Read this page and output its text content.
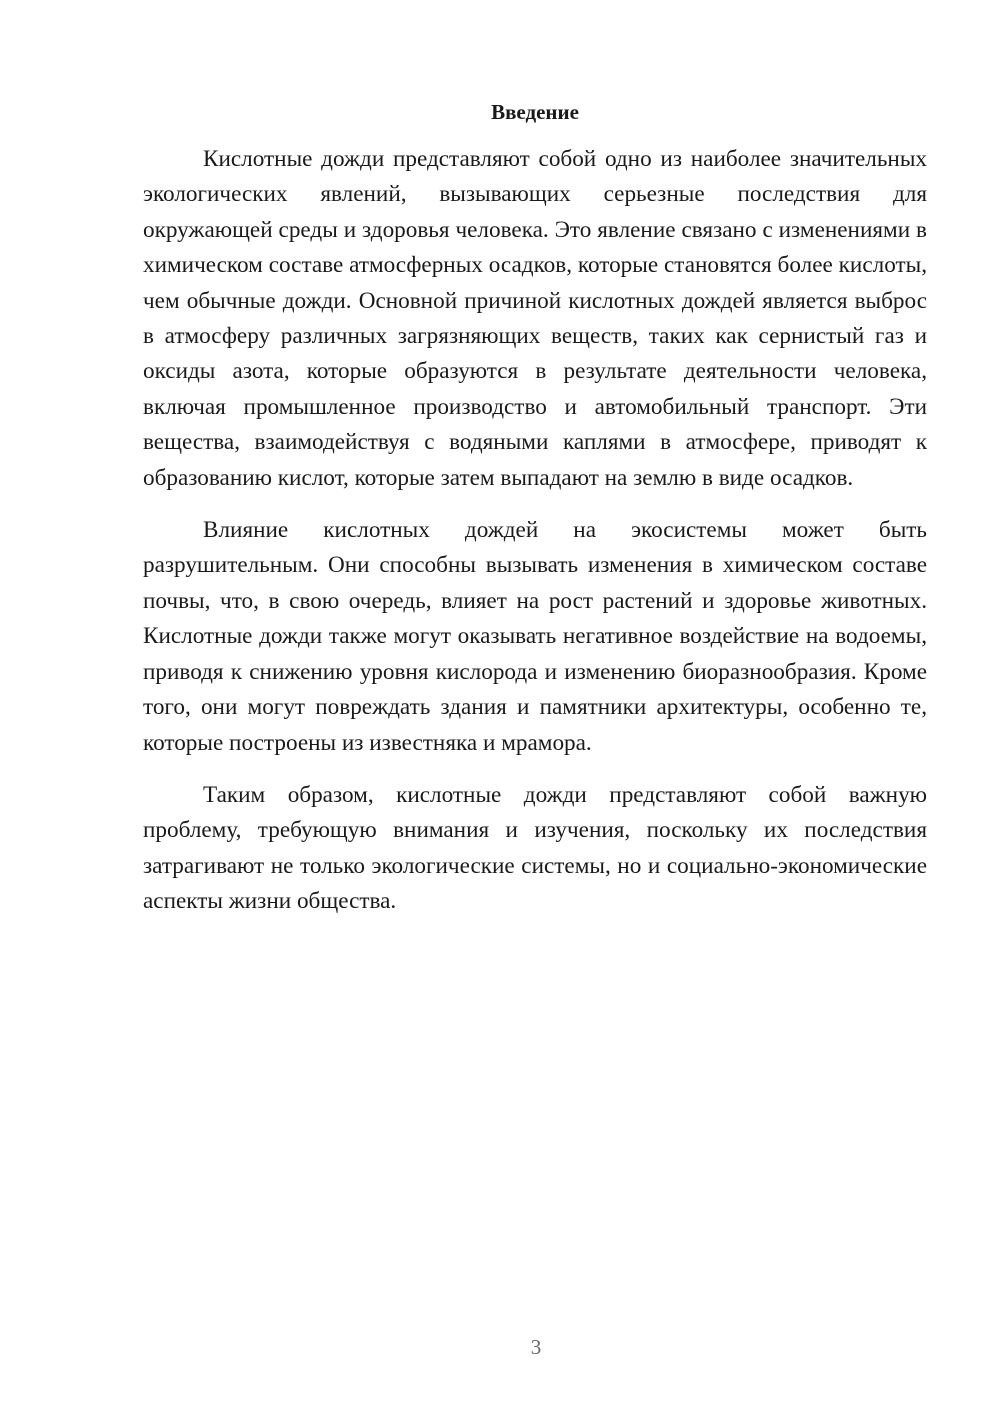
Введение

Кислотные дожди представляют собой одно из наиболее значительных экологических явлений, вызывающих серьезные последствия для окружающей среды и здоровья человека. Это явление связано с изменениями в химическом составе атмосферных осадков, которые становятся более кислоты, чем обычные дожди. Основной причиной кислотных дождей является выброс в атмосферу различных загрязняющих веществ, таких как сернистый газ и оксиды азота, которые образуются в результате деятельности человека, включая промышленное производство и автомобильный транспорт. Эти вещества, взаимодействуя с водяными каплями в атмосфере, приводят к образованию кислот, которые затем выпадают на землю в виде осадков.

Влияние кислотных дождей на экосистемы может быть разрушительным. Они способны вызывать изменения в химическом составе почвы, что, в свою очередь, влияет на рост растений и здоровье животных. Кислотные дожди также могут оказывать негативное воздействие на водоемы, приводя к снижению уровня кислорода и изменению биоразнообразия. Кроме того, они могут повреждать здания и памятники архитектуры, особенно те, которые построены из известняка и мрамора.

Таким образом, кислотные дожди представляют собой важную проблему, требующую внимания и изучения, поскольку их последствия затрагивают не только экологические системы, но и социально-экономические аспекты жизни общества.

3
